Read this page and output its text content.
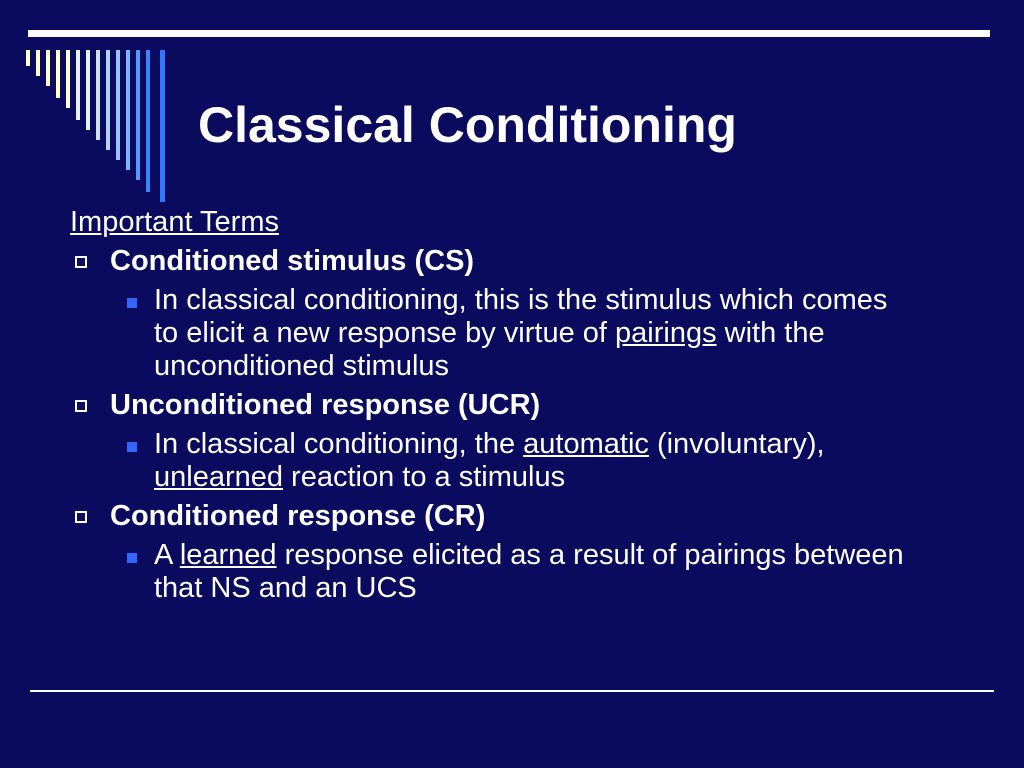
Classical Conditioning
Important Terms
Conditioned stimulus (CS)
In classical conditioning, this is the stimulus which comes to elicit a new response by virtue of pairings with the unconditioned stimulus
Unconditioned response (UCR)
In classical conditioning, the automatic (involuntary), unlearned reaction to a stimulus
Conditioned response (CR)
A learned response elicited as a result of pairings between that NS and an UCS
